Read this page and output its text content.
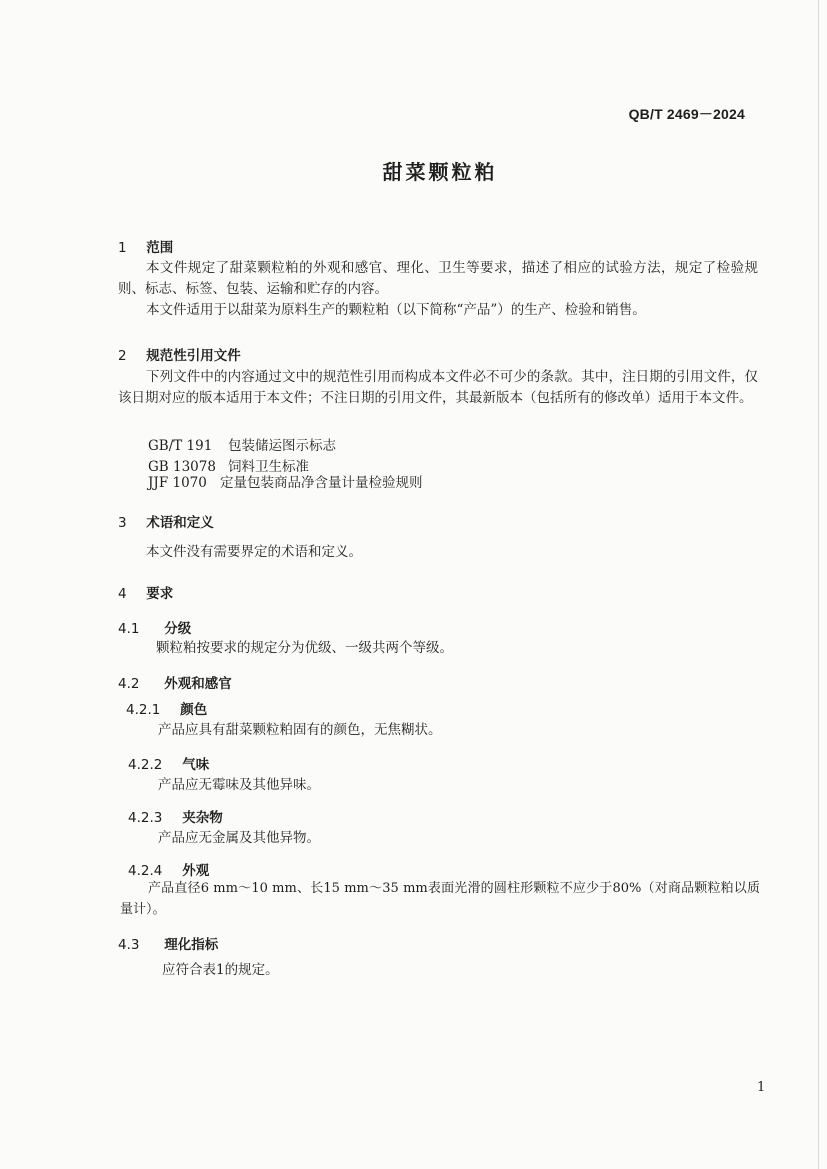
QB/T 2469－2024
甜菜颗粒粕
1 范围
本文件规定了甜菜颗粒粕的外观和感官、理化、卫生等要求，描述了相应的试验方法，规定了检验规则、标志、标签、包装、运输和贮存的内容。
本文件适用于以甜菜为原料生产的颗粒粕（以下简称“产品”）的生产、检验和销售。
2 规范性引用文件
下列文件中的内容通过文中的规范性引用而构成本文件必不可少的条款。其中，注日期的引用文件，仅该日期对应的版本适用于本文件；不注日期的引用文件，其最新版本（包括所有的修改单）适用于本文件。
GB/T 191 包装储运图示标志
GB 13078 饲料卫生标准
JJF 1070 定量包装商品净含量计量检验规则
3 术语和定义
本文件没有需要界定的术语和定义。
4 要求
4.1 分级
颗粒粕按要求的规定分为优级、一级共两个等级。
4.2 外观和感官
4.2.1 颜色
产品应具有甜菜颗粒粕固有的颜色，无焦糊状。
4.2.2 气味
产品应无霉味及其他异味。
4.2.3 夹杂物
产品应无金属及其他异物。
4.2.4 外观
产品直径6 mm～10 mm、长15 mm～35 mm表面光滑的圆柱形颗粒不应少于80%（对商品颗粒粕以质量计）。
4.3 理化指标
应符合表1的规定。
1
